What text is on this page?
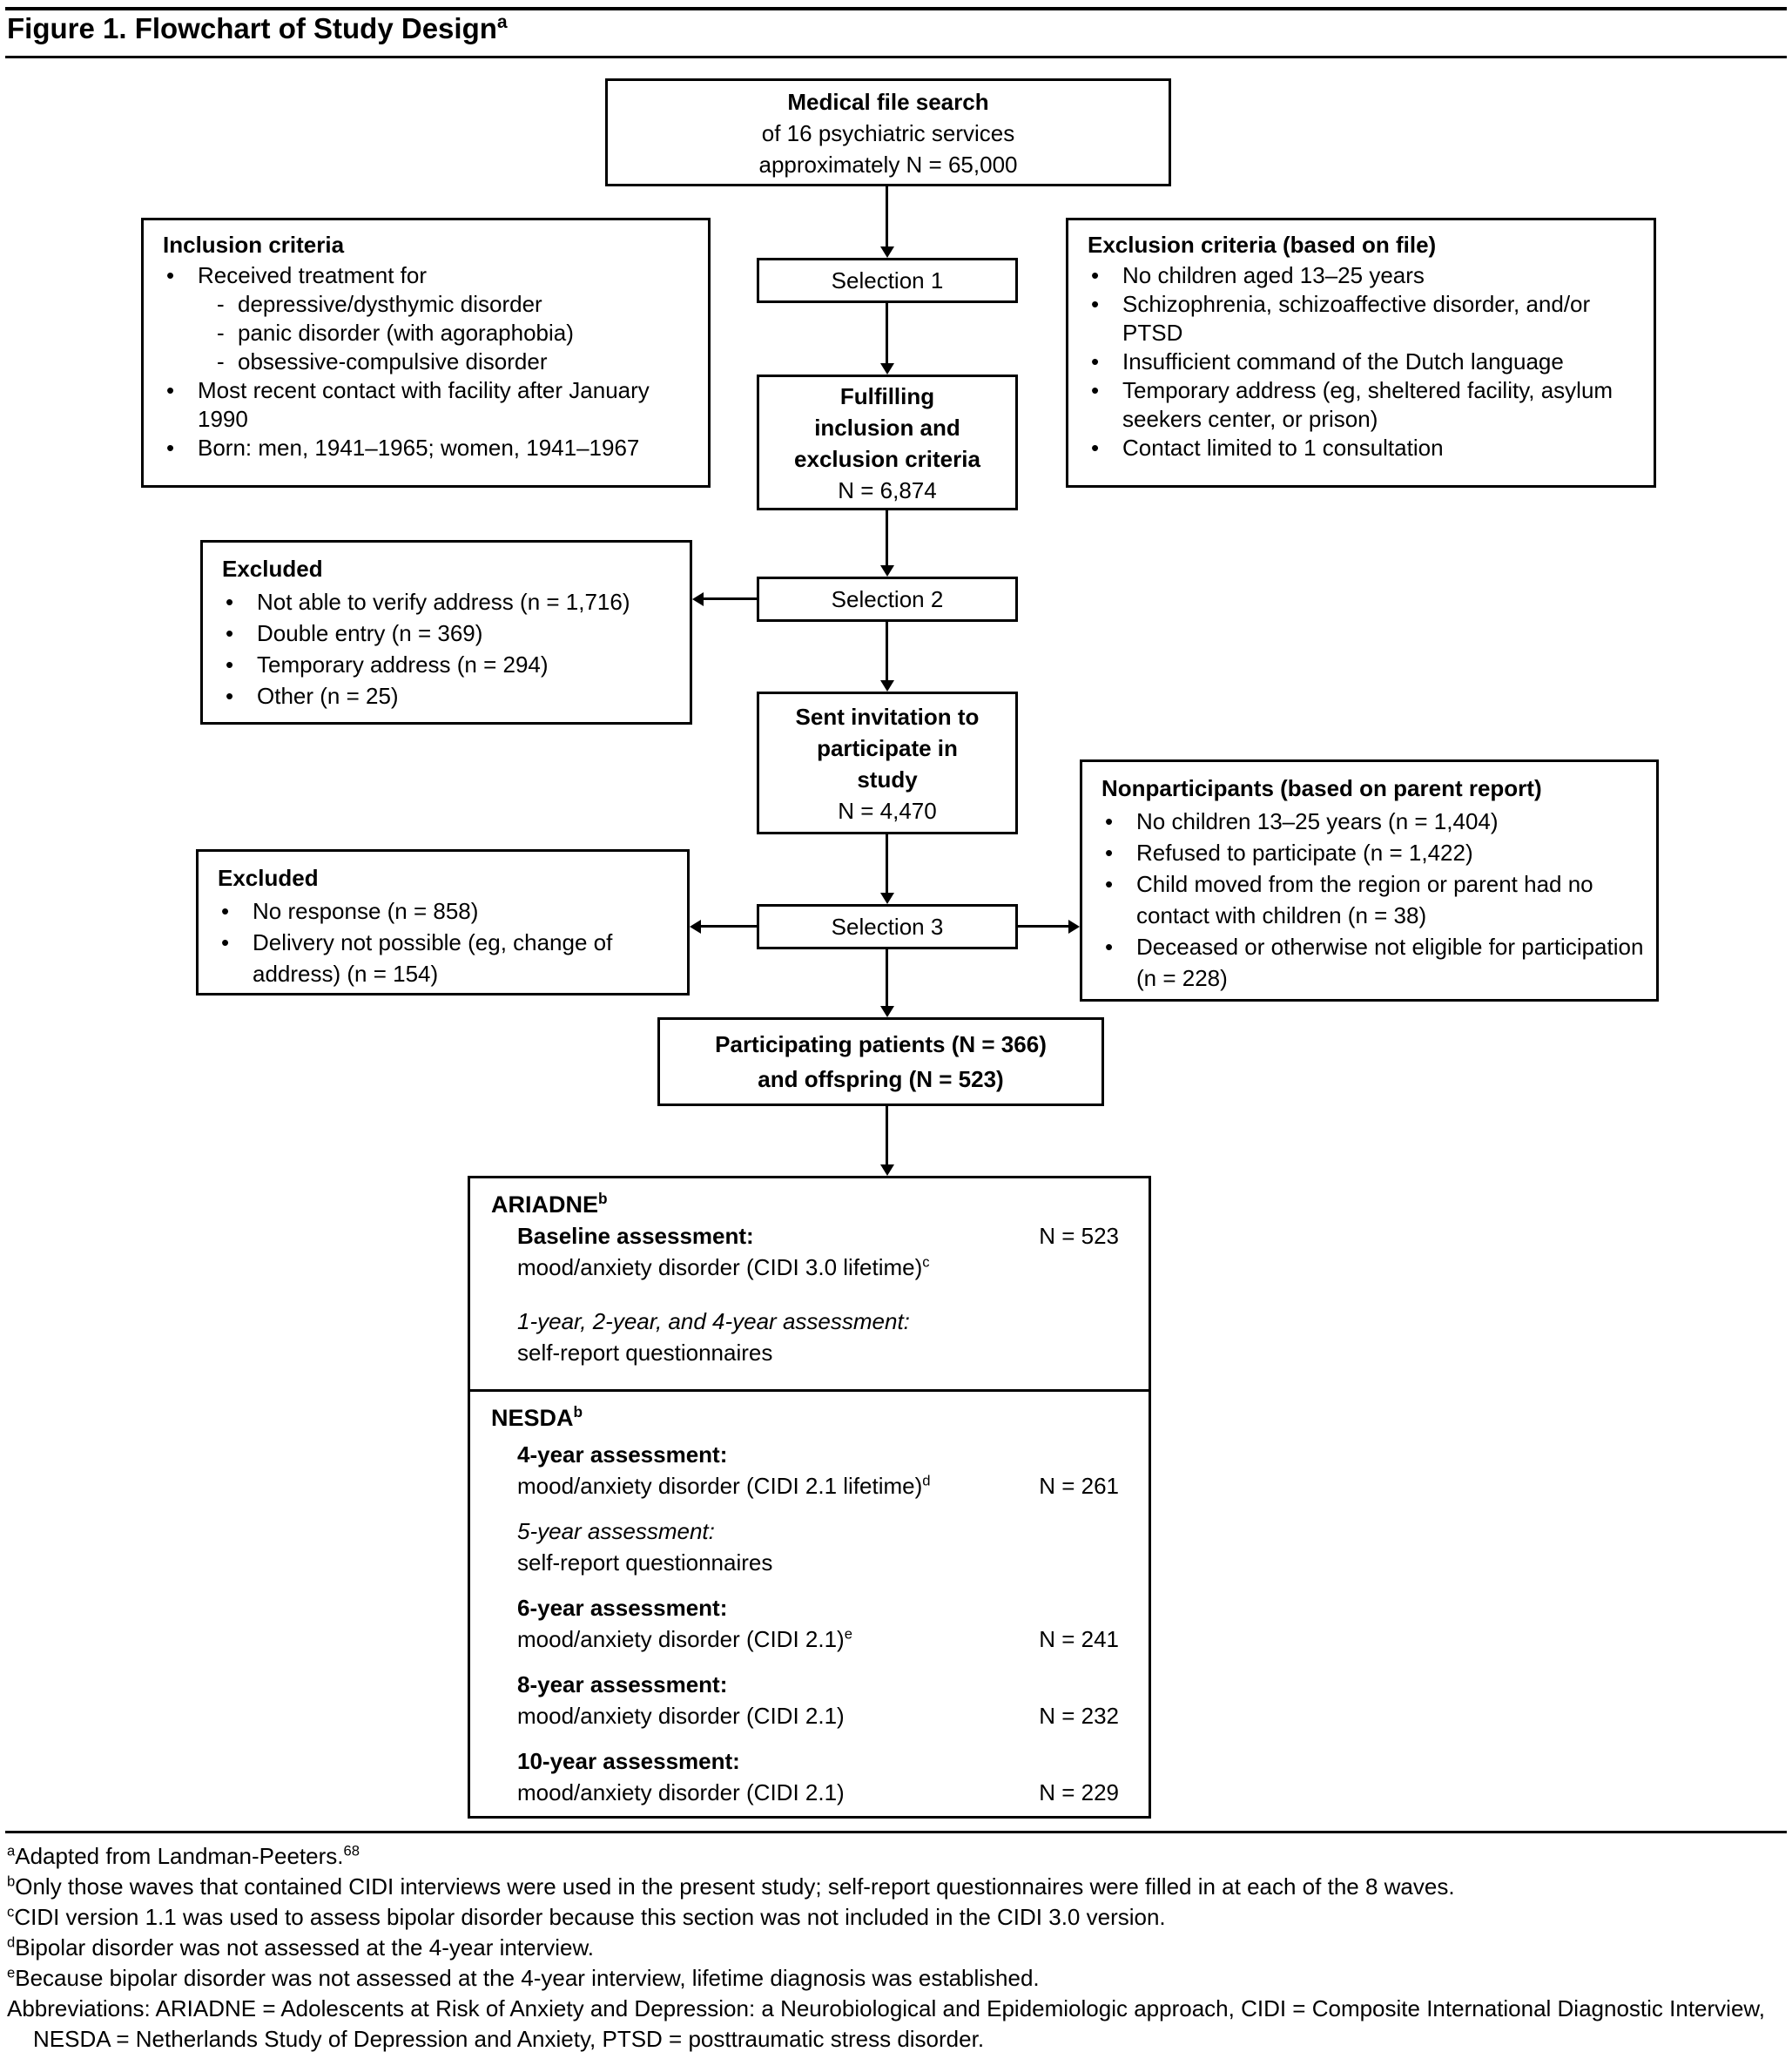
Figure 1. Flowchart of Study Design$^a$
Medical file search
of 16 psychiatric services
approximately N = 65,000
Inclusion criteria
• Received treatment for
- depressive/dysthymic disorder
- panic disorder (with agoraphobia)
- obsessive-compulsive disorder
• Most recent contact with facility after January 1990
• Born: men, 1941–1965; women, 1941–1967
Exclusion criteria (based on file)
• No children aged 13–25 years
• Schizophrenia, schizoaffective disorder, and/or PTSD
• Insufficient command of the Dutch language
• Temporary address (eg, sheltered facility, asylum seekers center, or prison)
• Contact limited to 1 consultation
Selection 1
Fulfilling
inclusion and
exclusion criteria
N = 6,874
Selection 2
Excluded
• Not able to verify address (n = 1,716)
• Double entry (n = 369)
• Temporary address (n = 294)
• Other (n = 25)
Sent invitation to
participate in
study
N = 4,470
Nonparticipants (based on parent report)
• No children 13–25 years (n = 1,404)
• Refused to participate (n = 1,422)
• Child moved from the region or parent had no contact with children (n = 38)
• Deceased or otherwise not eligible for participation (n = 228)
Excluded
• No response (n = 858)
• Delivery not possible (eg, change of address) (n = 154)
Selection 3
Participating patients (N = 366)
and offspring (N = 523)
ARIADNE$^b$
Baseline assessment:	N = 523
mood/anxiety disorder (CIDI 3.0 lifetime)$^c$
1-year, 2-year, and 4-year assessment:
self-report questionnaires
NESDA$^b$
4-year assessment:
mood/anxiety disorder (CIDI 2.1 lifetime)$^d$	N = 261
5-year assessment:
self-report questionnaires
6-year assessment:
mood/anxiety disorder (CIDI 2.1)$^e$	N = 241
8-year assessment:
mood/anxiety disorder (CIDI 2.1)	N = 232
10-year assessment:
mood/anxiety disorder (CIDI 2.1)	N = 229
$^a$Adapted from Landman-Peeters.$^{68}$
$^b$Only those waves that contained CIDI interviews were used in the present study; self-report questionnaires were filled in at each of the 8 waves.
$^c$CIDI version 1.1 was used to assess bipolar disorder because this section was not included in the CIDI 3.0 version.
$^d$Bipolar disorder was not assessed at the 4-year interview.
$^e$Because bipolar disorder was not assessed at the 4-year interview, lifetime diagnosis was established.
Abbreviations: ARIADNE = Adolescents at Risk of Anxiety and Depression: a Neurobiological and Epidemiologic approach, CIDI = Composite International Diagnostic Interview, NESDA = Netherlands Study of Depression and Anxiety, PTSD = posttraumatic stress disorder.
